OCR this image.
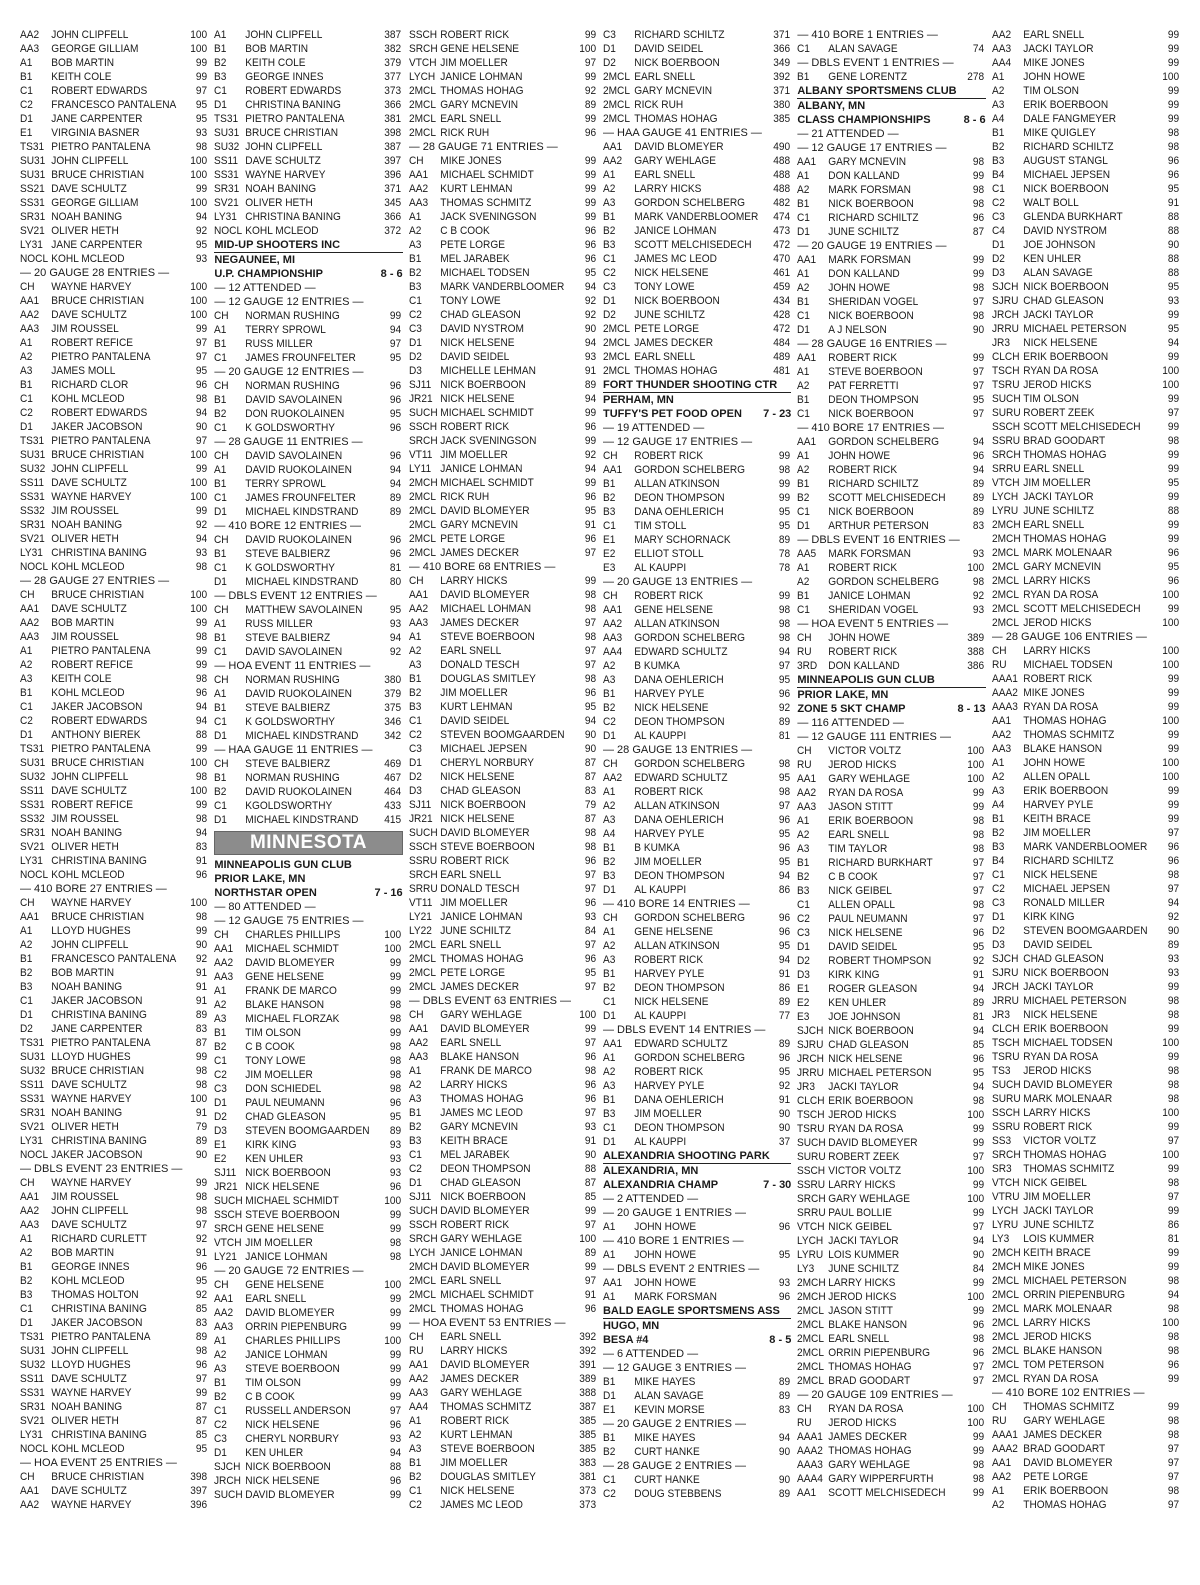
AA2	JOHN CLIPFELL	100
AA3	GEORGE GILLIAM	100
A1	BOB MARTIN	99
B1	KEITH COLE	99
C1	ROBERT EDWARDS	97
C2	FRANCESCO PANTALENA	95
D1	JANE CARPENTER	95
E1	VIRGINIA BASNER	93
TS31 PIETRO PANTALENA	98
SU31 JOHN CLIPFELL	100
SU31 BRUCE CHRISTIAN	100
SS21 DAVE SCHULTZ	99
SS31 GEORGE GILLIAM	100
SR31 NOAH BANING	94
SV21 OLIVER HETH	92
LY31 JANE CARPENTER	95
NOCL KOHL MCLEOD	93
— 20 GAUGE 28 ENTRIES —
CH	WAYNE HARVEY	100
AA1	BRUCE CHRISTIAN	100
AA2	DAVE SCHULTZ	100
AA3	JIM ROUSSEL	99
A1	ROBERT REFICE	97
A2	PIETRO PANTALENA	97
A3	JAMES MOLL	95
B1	RICHARD CLOR	96
C1	KOHL MCLEOD	98
C2	ROBERT EDWARDS	94
D1	JAKER JACOBSON	90
TS31 PIETRO PANTALENA	97
SU31 BRUCE CHRISTIAN	100
SU32 JOHN CLIPFELL	99
SS11 DAVE SCHULTZ	100
SS31 WAYNE HARVEY	100
SS32 JIM ROUSSEL	99
SR31 NOAH BANING	92
SV21 OLIVER HETH	94
LY31 CHRISTINA BANING	93
NOCL KOHL MCLEOD	98
— 28 GAUGE 27 ENTRIES —
CH	BRUCE CHRISTIAN	100
AA1	DAVE SCHULTZ	100
AA2	BOB MARTIN	99
AA3	JIM ROUSSEL	98
A1	PIETRO PANTALENA	99
A2	ROBERT REFICE	99
A3	KEITH COLE	98
B1	KOHL MCLEOD	96
C1	JAKER JACOBSON	94
C2	ROBERT EDWARDS	94
D1	ANTHONY BIEREK	88
TS31 PIETRO PANTALENA	99
SU31 BRUCE CHRISTIAN	100
SU32 JOHN CLIPFELL	98
SS11 DAVE SCHULTZ	100
SS31 ROBERT REFICE	99
SS32 JIM ROUSSEL	98
SR31 NOAH BANING	94
SV21 OLIVER HETH	83
LY31 CHRISTINA BANING	91
NOCL KOHL MCLEOD	96
— 410 BORE 27 ENTRIES —
CH	WAYNE HARVEY	100
AA1	BRUCE CHRISTIAN	98
A1	LLOYD HUGHES	99
A2	JOHN CLIPFELL	90
B1	FRANCESCO PANTALENA	92
B2	BOB MARTIN	91
B3	NOAH BANING	91
C1	JAKER JACOBSON	91
D1	CHRISTINA BANING	89
D2	JANE CARPENTER	83
TS31 PIETRO PANTALENA	87
SU31 LLOYD HUGHES	99
SU32 BRUCE CHRISTIAN	98
SS11 DAVE SCHULTZ	98
SS31 WAYNE HARVEY	100
SR31 NOAH BANING	91
SV21 OLIVER HETH	79
LY31 CHRISTINA BANING	89
NOCL JAKER JACOBSON	90
— DBLS EVENT 23 ENTRIES —
CH	WAYNE HARVEY	99
AA1	JIM ROUSSEL	98
AA2	JOHN CLIPFELL	98
AA3	DAVE SCHULTZ	97
A1	RICHARD CURLETT	92
A2	BOB MARTIN	91
B1	GEORGE INNES	96
B2	KOHL MCLEOD	95
B3	THOMAS HOLTON	92
C1	CHRISTINA BANING	85
D1	JAKER JACOBSON	83
TS31 PIETRO PANTALENA	89
SU31 JOHN CLIPFELL	98
SU32 LLOYD HUGHES	96
SS11 DAVE SCHULTZ	97
SS31 WAYNE HARVEY	99
SR31 NOAH BANING	87
SV21 OLIVER HETH	87
LY31 CHRISTINA BANING	85
NOCL KOHL MCLEOD	95
— HOA EVENT 25 ENTRIES —
CH	BRUCE CHRISTIAN	398
AA1	DAVE SCHULTZ	397
AA2	WAYNE HARVEY	396
A1	JOHN CLIPFELL	387
B1	BOB MARTIN	382
B2	KEITH COLE	379
B3	GEORGE INNES	377
C1	ROBERT EDWARDS	373
D1	CHRISTINA BANING	366
TS31 PIETRO PANTALENA	381
SU31 BRUCE CHRISTIAN	398
SU32 JOHN CLIPFELL	387
SS11 DAVE SCHULTZ	397
SS31 WAYNE HARVEY	396
SR31 NOAH BANING	371
SV21 OLIVER HETH	345
LY31 CHRISTINA BANING	366
NOCL KOHL MCLEOD	372
MID-UP SHOOTERS INC
NEGAUNEE, MI
U.P. CHAMPIONSHIP	8 - 6
— 12 ATTENDED —
— 12 GAUGE 12 ENTRIES —
CH	NORMAN RUSHING	99
A1	TERRY SPROWL	94
B1	RUSS MILLER	97
C1	JAMES FROUNFELTER	95
— 20 GAUGE 12 ENTRIES —
CH	NORMAN RUSHING	96
B1	DAVID SAVOLAINEN	96
B2	DON RUOKOLAINEN	95
C1	K GOLDSWORTHY	96
— 28 GAUGE 11 ENTRIES —
CH	DAVID SAVOLAINEN	96
A1	DAVID RUOKOLAINEN	94
B1	TERRY SPROWL	94
C1	JAMES FROUNFELTER	89
D1	MICHAEL KINDSTRAND	89
— 410 BORE 12 ENTRIES —
CH	DAVID RUOKOLAINEN	96
B1	STEVE BALBIERZ	96
C1	K GOLDSWORTHY	81
D1	MICHAEL KINDSTRAND	80
— DBLS EVENT 12 ENTRIES —
CH	MATTHEW SAVOLAINEN	95
A1	RUSS MILLER	93
B1	STEVE BALBIERZ	94
C1	DAVID SAVOLAINEN	92
— HOA EVENT 11 ENTRIES —
CH	NORMAN RUSHING	380
A1	DAVID RUOKOLAINEN	379
B1	STEVE BALBIERZ	375
C1	K GOLDSWORTHY	346
D1	MICHAEL KINDSTRAND	342
— HAA GAUGE 11 ENTRIES —
CH	STEVE BALBIERZ	469
B1	NORMAN RUSHING	467
B2	DAVID RUOKOLAINEN	464
C1	KGOLDSWORTHY	433
D1	MICHAEL KINDSTRAND	415
MINNESOTA
MINNEAPOLIS GUN CLUB
PRIOR LAKE, MN
NORTHSTAR OPEN	7 - 16
— 80 ATTENDED —
— 12 GAUGE 75 ENTRIES —
CH	CHARLES PHILLIPS	100
AA1	MICHAEL SCHMIDT	100
AA2	DAVID BLOMEYER	99
AA3	GENE HELSENE	99
A1	FRANK DE MARCO	99
A2	BLAKE HANSON	98
A3	MICHAEL FLORZAK	98
B1	TIM OLSON	99
B2	C B COOK	98
C1	TONY LOWE	98
C2	JIM MOELLER	98
C3	DON SCHIEDEL	98
D1	PAUL NEUMANN	96
D2	CHAD GLEASON	95
D3	STEVEN BOOMGAARDEN	89
E1	KIRK KING	93
E2	KEN UHLER	93
SJ11 NICK BOERBOON	93
JR21 NICK HELSENE	96
SUCH MICHAEL SCHMIDT	100
SSCH STEVE BOERBOON	99
SRCH GENE HELSENE	99
VTCH JIM MOELLER	98
LY21 JANICE LOHMAN	98
— 20 GAUGE 72 ENTRIES —
CH	GENE HELSENE	100
AA1	EARL SNELL	99
AA2	DAVID BLOMEYER	99
AA3	ORRIN PIEPENBURG	99
A1	CHARLES PHILLIPS	100
A2	JANICE LOHMAN	99
A3	STEVE BOERBOON	99
B1	TIM OLSON	99
B2	C B COOK	99
C1	RUSSELL ANDERSON	97
C2	NICK HELSENE	96
C3	CHERYL NORBURY	93
D1	KEN UHLER	94
SJCH NICK BOERBOON	88
JRCH NICK HELSENE	96
SUCH DAVID BLOMEYER	99
SSCH ROBERT RICK	99
SRCH GENE HELSENE	100
VTCH JIM MOELLER	97
LYCH JANICE LOHMAN	99
2MCL THOMAS HOHAG	92
2MCL GARY MCNEVIN	89
2MCL EARL SNELL	99
2MCL RICK RUH	96
— 28 GAUGE 71 ENTRIES —
CH	MIKE JONES	99
AA1	MICHAEL SCHMIDT	99
AA2	KURT LEHMAN	99
AA3	THOMAS SCHMITZ	99
A1	JACK SVENINGSON	99
A2	C B COOK	96
A3	PETE LORGE	96
B1	MEL JARABEK	96
B2	MICHAEL TODSEN	95
B3	MARK VANDERBLOOMER	94
C1	TONY LOWE	92
C2	CHAD GLEASON	92
C3	DAVID NYSTROM	90
D1	NICK HELSENE	94
D2	DAVID SEIDEL	93
D3	MICHELLE LEHMAN	91
SJ11 NICK BOERBOON	89
JR21 NICK HELSENE	94
SUCH MICHAEL SCHMIDT	99
SSCH ROBERT RICK	96
SRCH JACK SVENINGSON	99
VT11 JIM MOELLER	92
LY11 JANICE LOHMAN	94
2MCH MICHAEL SCHMIDT	99
2MCL RICK RUH	96
2MCL DAVID BLOMEYER	95
2MCL GARY MCNEVIN	91
2MCL PETE LORGE	96
2MCL JAMES DECKER	97
— 410 BORE 68 ENTRIES —
CH	LARRY HICKS	99
AA1	DAVID BLOMEYER	98
AA2	MICHAEL LOHMAN	98
AA3	JAMES DECKER	97
A1	STEVE BOERBOON	98
A2	EARL SNELL	97
A3	DONALD TESCH	97
B1	DOUGLAS SMITLEY	98
B2	JIM MOELLER	96
B3	KURT LEHMAN	95
C1	DAVID SEIDEL	94
C2	STEVEN BOOMGAARDEN	90
C3	MICHAEL JEPSEN	90
D1	CHERYL NORBURY	87
D2	NICK HELSENE	87
D3	CHAD GLEASON	83
SJ11 NICK BOERBOON	79
JR21 NICK HELSENE	87
SUCH DAVID BLOMEYER	98
SSCH STEVE BOERBOON	98
SSRU ROBERT RICK	96
SRCH EARL SNELL	97
SRRU DONALD TESCH	97
VT11 JIM MOELLER	96
LY21 JANICE LOHMAN	93
LY22 JUNE SCHILTZ	84
2MCL EARL SNELL	97
2MCL THOMAS HOHAG	96
2MCL PETE LORGE	95
2MCL JAMES DECKER	97
— DBLS EVENT 63 ENTRIES —
CH	GARY WEHLAGE	100
AA1	DAVID BLOMEYER	99
AA2	EARL SNELL	97
AA3	BLAKE HANSON	96
A1	FRANK DE MARCO	98
A2	LARRY HICKS	96
A3	THOMAS HOHAG	96
B1	JAMES MC LEOD	97
B2	GARY MCNEVIN	93
B3	KEITH BRACE	91
C1	MEL JARABEK	90
C2	DEON THOMPSON	88
D1	CHAD GLEASON	87
SJ11 NICK BOERBOON	85
SUCH DAVID BLOMEYER	99
SSCH ROBERT RICK	97
SRCH GARY WEHLAGE	100
LYCH JANICE LOHMAN	89
2MCH DAVID BLOMEYER	99
2MCL EARL SNELL	97
2MCL MICHAEL SCHMIDT	91
2MCL THOMAS HOHAG	96
— HOA EVENT 53 ENTRIES —
CH	EARL SNELL	392
RU	LARRY HICKS	392
AA1	DAVID BLOMEYER	391
AA2	JAMES DECKER	389
AA3	GARY WEHLAGE	388
AA4	THOMAS SCHMITZ	387
A1	ROBERT RICK	385
A2	KURT LEHMAN	385
A3	STEVE BOERBOON	385
B1	JIM MOELLER	383
B2	DOUGLAS SMITLEY	381
C1	NICK HELSENE	373
C2	JAMES MC LEOD	373
C3	RICHARD SCHILTZ	371
D1	DAVID SEIDEL	366
D2	NICK BOERBOON	349
2MCL EARL SNELL	392
2MCL GARY MCNEVIN	371
2MCL RICK RUH	380
2MCL THOMAS HOHAG	385
— HAA GAUGE 41 ENTRIES —
AA1	DAVID BLOMEYER	490
AA2	GARY WEHLAGE	488
A1	EARL SNELL	488
A2	LARRY HICKS	488
A3	GORDON SCHELBERG	482
B1	MARK VANDERBLOOMER	474
B2	JANICE LOHMAN	473
B3	SCOTT MELCHISEDECH	472
C1	JAMES MC LEOD	470
C2	NICK HELSENE	461
C3	TONY LOWE	459
D1	NICK BOERBOON	434
D2	JUNE SCHILTZ	428
2MCL PETE LORGE	472
2MCL JAMES DECKER	484
2MCL EARL SNELL	489
2MCL THOMAS HOHAG	481
FORT THUNDER SHOOTING CTR
PERHAM, MN
TUFFY'S PET FOOD OPEN 7 - 23
— 19 ATTENDED —
— 12 GAUGE 17 ENTRIES —
CH	ROBERT RICK	99
AA1	GORDON SCHELBERG	98
B1	ALLAN ATKINSON	99
B2	DEON THOMPSON	99
B3	DANA OEHLERICH	95
C1	TIM STOLL	95
E1	MARY SCHORNACK	89
E2	ELLIOT STOLL	78
E3	AL KAUPPI	78
— 20 GAUGE 13 ENTRIES —
CH	ROBERT RICK	99
AA1	GENE HELSENE	98
AA2	ALLAN ATKINSON	98
AA3	GORDON SCHELBERG	98
AA4	EDWARD SCHULTZ	94
A2	B KUMKA	97
A3	DANA OEHLERICH	95
B1	HARVEY PYLE	96
B2	NICK HELSENE	92
C2	DEON THOMPSON	89
D1	AL KAUPPI	81
— 28 GAUGE 13 ENTRIES —
CH	GORDON SCHELBERG	98
AA2	EDWARD SCHULTZ	95
A1	ROBERT RICK	98
A2	ALLAN ATKINSON	97
A3	DANA OEHLERICH	96
A4	HARVEY PYLE	95
B1	B KUMKA	96
B2	JIM MOELLER	95
B3	DEON THOMPSON	94
D1	AL KAUPPI	86
— 410 BORE 14 ENTRIES —
CH	GORDON SCHELBERG	96
A1	GENE HELSENE	96
A2	ALLAN ATKINSON	95
A3	ROBERT RICK	94
B1	HARVEY PYLE	91
B2	DEON THOMPSON	86
C1	NICK HELSENE	89
D1	AL KAUPPI	77
— DBLS EVENT 14 ENTRIES —
AA1	EDWARD SCHULTZ	89
A1	GORDON SCHELBERG	96
A2	ROBERT RICK	95
A3	HARVEY PYLE	92
B1	DANA OEHLERICH	91
B3	JIM MOELLER	90
C1	DEON THOMPSON	90
D1	AL KAUPPI	37
ALEXANDRIA SHOOTING PARK
ALEXANDRIA, MN
ALEXANDRIA CHAMP	7 - 30
— 2 ATTENDED —
— 20 GAUGE 1 ENTRIES —
A1	JOHN HOWE	96
— 410 BORE 1 ENTRIES —
A1	JOHN HOWE	95
— DBLS EVENT 2 ENTRIES —
AA1	JOHN HOWE	93
A1	MARK FORSMAN	96
BALD EAGLE SPORTSMENS ASS
HUGO, MN
BESA #4	8 - 5
— 6 ATTENDED —
— 12 GAUGE 3 ENTRIES —
B1	MIKE HAYES	89
D1	ALAN SAVAGE	89
E1	KEVIN MORSE	83
— 20 GAUGE 2 ENTRIES —
B1	MIKE HAYES	94
B2	CURT HANKE	90
— 28 GAUGE 2 ENTRIES —
C1	CURT HANKE	90
C2	DOUG STEBBENS	89
— 410 BORE 1 ENTRIES —
C1	ALAN SAVAGE	74
— DBLS EVENT 1 ENTRIES —
B1	GENE LORENTZ	278
ALBANY SPORTSMENS CLUB
ALBANY, MN
CLASS CHAMPIONSHIPS	8 - 6
— 21 ATTENDED —
— 12 GAUGE 17 ENTRIES —
AA1	GARY MCNEVIN	98
A1	DON KALLAND	99
A2	MARK FORSMAN	98
B1	NICK BOERBOON	98
C1	RICHARD SCHILTZ	96
D1	JUNE SCHILTZ	87
— 20 GAUGE 19 ENTRIES —
AA1	MARK FORSMAN	99
A1	DON KALLAND	99
A2	JOHN HOWE	98
B1	SHERIDAN VOGEL	97
C1	NICK BOERBOON	98
D1	A J NELSON	90
— 28 GAUGE 16 ENTRIES —
AA1	ROBERT RICK	99
A1	STEVE BOERBOON	97
A2	PAT FERRETTI	97
B1	DEON THOMPSON	95
C1	NICK BOERBOON	97
— 410 BORE 17 ENTRIES —
AA1	GORDON SCHELBERG	94
A1	JOHN HOWE	96
A2	ROBERT RICK	94
B1	RICHARD SCHILTZ	89
B2	SCOTT MELCHISEDECH	89
C1	NICK BOERBOON	89
D1	ARTHUR PETERSON	83
— DBLS EVENT 16 ENTRIES —
AA5	MARK FORSMAN	93
A1	ROBERT RICK	100
A2	GORDON SCHELBERG	98
B1	JANICE LOHMAN	92
C1	SHERIDAN VOGEL	93
— HOA EVENT 5 ENTRIES —
CH	JOHN HOWE	389
RU	ROBERT RICK	388
3RD	DON KALLAND	386
MINNEAPOLIS GUN CLUB
PRIOR LAKE, MN
ZONE 5 SKT CHAMP	8 - 13
— 116 ATTENDED —
— 12 GAUGE 111 ENTRIES —
CH	VICTOR VOLTZ	100
RU	JEROD HICKS	100
AA1	GARY WEHLAGE	100
AA2	RYAN DA ROSA	99
AA3	JASON STITT	99
A1	ERIK BOERBOON	98
A2	EARL SNELL	98
A3	TIM TAYLOR	98
B1	RICHARD BURKHART	97
B2	C B COOK	97
B3	NICK GEIBEL	97
C1	ALLEN OPALL	98
C2	PAUL NEUMANN	97
C3	NICK HELSENE	96
D1	DAVID SEIDEL	95
D2	ROBERT THOMPSON	92
D3	KIRK KING	91
E1	ROGER GLEASON	94
E2	KEN UHLER	89
E3	JOE JOHNSON	81
SJCH NICK BOERBOON	94
SJRU CHAD GLEASON	85
JRCH NICK HELSENE	96
JRRU MICHAEL PETERSON	95
JR3	JACKI TAYLOR	94
CLCH ERIK BOERBOON	98
TSCH JEROD HICKS	100
TSRU RYAN DA ROSA	99
SUCH DAVID BLOMEYER	99
SURU ROBERT ZEEK	97
SSCH VICTOR VOLTZ	100
SSRU LARRY HICKS	99
SRCH GARY WEHLAGE	100
SRRU PAUL BOLLIE	99
VTCH NICK GEIBEL	97
LYCH JACKI TAYLOR	94
LYRU LOIS KUMMER	90
LY3	JUNE SCHILTZ	84
2MCH LARRY HICKS	99
2MCH JEROD HICKS	100
2MCL JASON STITT	99
2MCL BLAKE HANSON	96
2MCL EARL SNELL	98
2MCL ORRIN PIEPENBURG	96
2MCL THOMAS HOHAG	97
2MCL BRAD GOODART	97
— 20 GAUGE 109 ENTRIES —
CH	RYAN DA ROSA	100
RU	JEROD HICKS	100
AAA1 JAMES DECKER	99
AAA2 THOMAS HOHAG	99
AAA3 GARY WEHLAGE	98
AAA4 GARY WIPPERFURTH	98
AA1	SCOTT MELCHISEDECH	99
AA2	EARL SNELL	99
AA3	JACKI TAYLOR	99
AA4	MIKE JONES	99
A1	JOHN HOWE	100
A2	TIM OLSON	99
A3	ERIK BOERBOON	99
A4	DALE FANGMEYER	99
B1	MIKE QUIGLEY	98
B2	RICHARD SCHILTZ	98
B3	AUGUST STANGL	96
B4	MICHAEL JEPSEN	96
C1	NICK BOERBOON	95
C2	WALT BOLL	91
C3	GLENDA BURKHART	88
C4	DAVID NYSTROM	88
D1	JOE JOHNSON	90
D2	KEN UHLER	88
D3	ALAN SAVAGE	88
SJCH NICK BOERBOON	95
SJRU CHAD GLEASON	93
JRCH JACKI TAYLOR	99
JRRU MICHAEL PETERSON	95
JR3	NICK HELSENE	94
CLCH ERIK BOERBOON	99
TSCH RYAN DA ROSA	100
TSRU JEROD HICKS	100
SUCH TIM OLSON	99
SURU ROBERT ZEEK	97
SSCH SCOTT MELCHISEDECH	99
SSRU BRAD GOODART	98
SRCH THOMAS HOHAG	99
SRRU EARL SNELL	99
VTCH JIM MOELLER	95
LYCH JACKI TAYLOR	99
LYRU JUNE SCHILTZ	88
2MCH EARL SNELL	99
2MCH THOMAS HOHAG	99
2MCL MARK MOLENAAR	96
2MCL GARY MCNEVIN	95
2MCL LARRY HICKS	96
2MCL RYAN DA ROSA	100
2MCL SCOTT MELCHISEDECH	99
2MCL JEROD HICKS	100
— 28 GAUGE 106 ENTRIES —
CH	LARRY HICKS	100
RU	MICHAEL TODSEN	100
AAA1 ROBERT RICK	99
AAA2 MIKE JONES	99
AAA3 RYAN DA ROSA	99
AA1	THOMAS HOHAG	100
AA2	THOMAS SCHMITZ	99
AA3	BLAKE HANSON	99
A1	JOHN HOWE	100
A2	ALLEN OPALL	100
A3	ERIK BOERBOON	99
A4	HARVEY PYLE	99
B1	KEITH BRACE	99
B2	JIM MOELLER	97
B3	MARK VANDERBLOOMER	96
B4	RICHARD SCHILTZ	96
C1	NICK HELSENE	98
C2	MICHAEL JEPSEN	97
C3	RONALD MILLER	94
D1	KIRK KING	92
D2	STEVEN BOOMGAARDEN	90
D3	DAVID SEIDEL	89
SJCH CHAD GLEASON	93
SJRU NICK BOERBOON	93
JRCH JACKI TAYLOR	99
JRRU MICHAEL PETERSON	98
JR3	NICK HELSENE	98
CLCH ERIK BOERBOON	99
TSCH MICHAEL TODSEN	100
TSRU RYAN DA ROSA	99
TS3	JEROD HICKS	98
SUCH DAVID BLOMEYER	98
SURU MARK MOLENAAR	98
SSCH LARRY HICKS	100
SSRU ROBERT RICK	99
SS3	VICTOR VOLTZ	97
SRCH THOMAS HOHAG	100
SR3	THOMAS SCHMITZ	99
VTCH NICK GEIBEL	98
VTRU JIM MOELLER	97
LYCH JACKI TAYLOR	99
LYRU JUNE SCHILTZ	86
LY3	LOIS KUMMER	81
2MCH KEITH BRACE	99
2MCH MIKE JONES	99
2MCL MICHAEL PETERSON	98
2MCL ORRIN PIEPENBURG	94
2MCL MARK MOLENAAR	98
2MCL LARRY HICKS	100
2MCL JEROD HICKS	98
2MCL BLAKE HANSON	98
2MCL TOM PETERSON	96
2MCL RYAN DA ROSA	99
— 410 BORE 102 ENTRIES —
CH	THOMAS SCHMITZ	99
RU	GARY WEHLAGE	98
AAA1 JAMES DECKER	98
AAA2 BRAD GOODART	97
AA1	DAVID BLOMEYER	97
AA2	PETE LORGE	97
A1	ERIK BOERBOON	98
A2	THOMAS HOHAG	97
